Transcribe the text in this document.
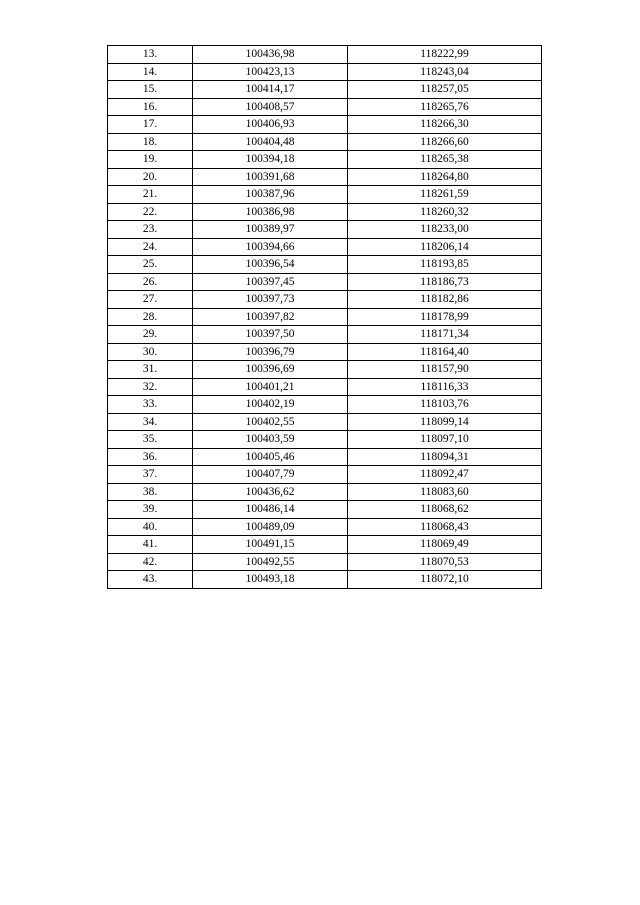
13.	100436,98	118222,99
14.	100423,13	118243,04
15.	100414,17	118257,05
16.	100408,57	118265,76
17.	100406,93	118266,30
18.	100404,48	118266,60
19.	100394,18	118265,38
20.	100391,68	118264,80
21.	100387,96	118261,59
22.	100386,98	118260,32
23.	100389,97	118233,00
24.	100394,66	118206,14
25.	100396,54	118193,85
26.	100397,45	118186,73
27.	100397,73	118182,86
28.	100397,82	118178,99
29.	100397,50	118171,34
30.	100396,79	118164,40
31.	100396,69	118157,90
32.	100401,21	118116,33
33.	100402,19	118103,76
34.	100402,55	118099,14
35.	100403,59	118097,10
36.	100405,46	118094,31
37.	100407,79	118092,47
38.	100436,62	118083,60
39.	100486,14	118068,62
40.	100489,09	118068,43
41.	100491,15	118069,49
42.	100492,55	118070,53
43.	100493,18	118072,10
